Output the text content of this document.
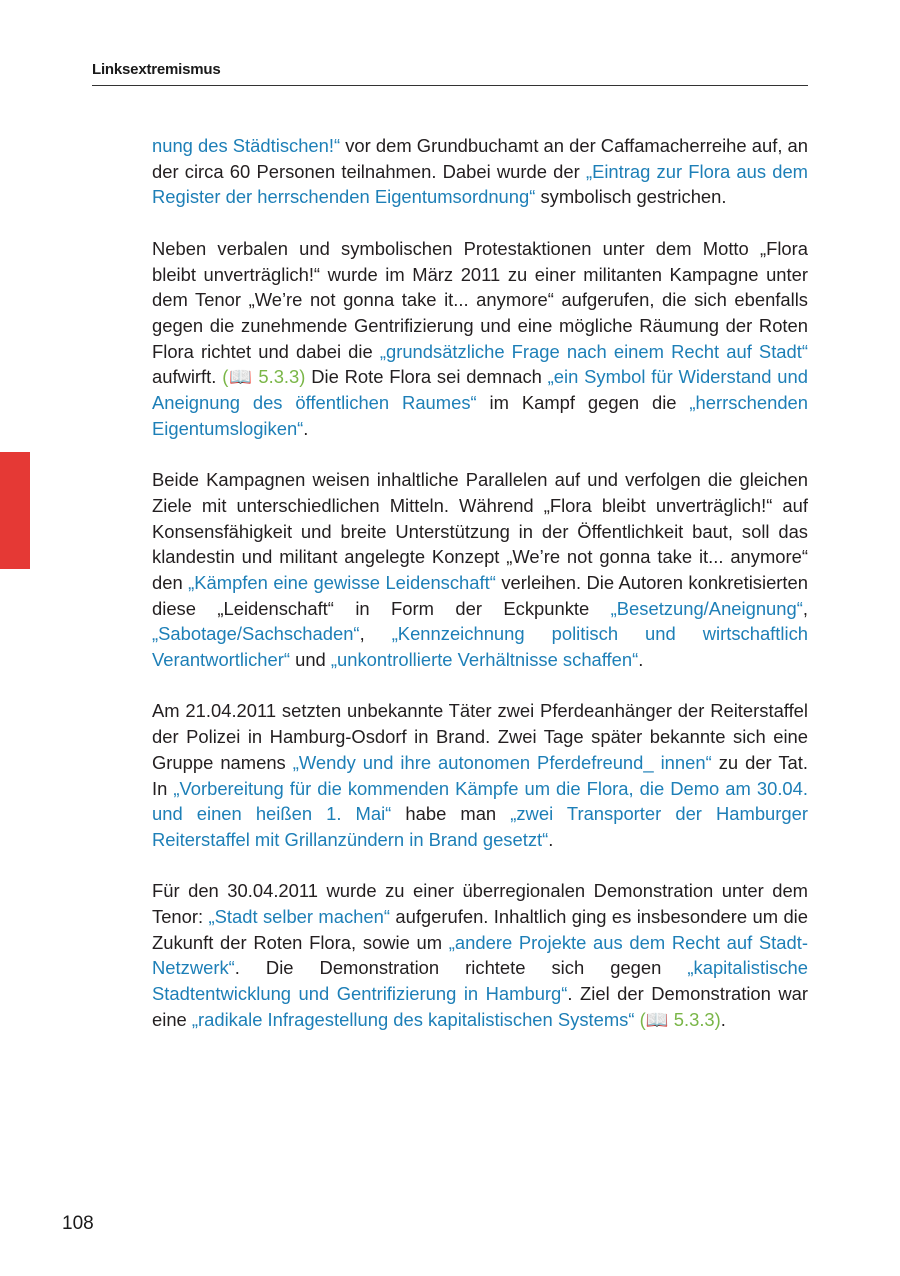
Linksextremismus

nung des Städtischen!“ vor dem Grundbuchamt an der Caffamacherreihe auf, an der circa 60 Personen teilnahmen. Dabei wurde der „Eintrag zur Flora aus dem Register der herrschenden Eigentumsordnung“ symbolisch gestrichen.

Neben verbalen und symbolischen Protestaktionen unter dem Motto „Flora bleibt unverträglich!“ wurde im März 2011 zu einer militanten Kampagne unter dem Tenor „We’re not gonna take it... anymore“ aufgerufen, die sich ebenfalls gegen die zunehmende Gentrifizierung und eine mögliche Räumung der Roten Flora richtet und dabei die „grundsätzliche Frage nach einem Recht auf Stadt“ aufwirft. (📖 5.3.3) Die Rote Flora sei demnach „ein Symbol für Widerstand und Aneignung des öffentlichen Raumes“ im Kampf gegen die „herrschenden Eigentumslogiken“.

Beide Kampagnen weisen inhaltliche Parallelen auf und verfolgen die gleichen Ziele mit unterschiedlichen Mitteln. Während „Flora bleibt unverträglich!“ auf Konsensfähigkeit und breite Unterstützung in der Öffentlichkeit baut, soll das klandestin und militant angelegte Konzept „We’re not gonna take it... anymore“ den „Kämpfen eine gewisse Leidenschaft“ verleihen. Die Autoren konkretisierten diese „Leidenschaft“ in Form der Eckpunkte „Besetzung/Aneignung“, „Sabotage/Sachschaden“, „Kennzeichnung politisch und wirtschaftlich Verantwortlicher“ und „unkontrollierte Verhältnisse schaffen“.

Am 21.04.2011 setzten unbekannte Täter zwei Pferdeanhänger der Reiterstaffel der Polizei in Hamburg-Osdorf in Brand. Zwei Tage später bekannte sich eine Gruppe namens „Wendy und ihre autonomen Pferdefreund_ innen“ zu der Tat. In „Vorbereitung für die kommenden Kämpfe um die Flora, die Demo am 30.04. und einen heißen 1. Mai“ habe man „zwei Transporter der Hamburger Reiterstaffel mit Grillanzündern in Brand gesetzt“.

Für den 30.04.2011 wurde zu einer überregionalen Demonstration unter dem Tenor: „Stadt selber machen“ aufgerufen. Inhaltlich ging es insbesondere um die Zukunft der Roten Flora, sowie um „andere Projekte aus dem Recht auf Stadt-Netzwerk“. Die Demonstration richtete sich gegen „kapitalistische Stadtentwicklung und Gentrifizierung in Hamburg“. Ziel der Demonstration war eine „radikale Infragestellung des kapitalistischen Systems“ (📖 5.3.3).

108
